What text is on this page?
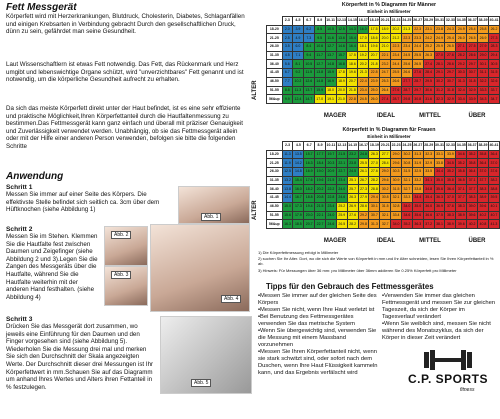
Fett Messgerät
Körperfett wird mit Herzerkrankungen, Blutdruck, Cholesterin, Diabetes, Schlaganfällen und einigen Krebsarten in Verbindung gebracht Durch den gesellschaftlichen Druck, dünn zu sein, gefährdet man seine Gesundheit.
Laut Wissenschaftlern ist etwas Fett notwendig. Das Fett, das Rückenmark und Herz umgibt und lebenswichtige Organe schützt, wird "unverzichtbares" Fett genannt und ist notwendig, um die körperliche Gesundheit aufrecht zu erhalten.
Da sich das meiste Körperfett direkt unter der Haut befindet, ist es eine sehr effiziente und praktische Möglichkeit,Ihren Körperfettanteil durch die Hautfaltenmessung zu bestimmen.Das Fettmessgerät kann ganz einfach und überall mit präziser Genauigkeit und Zuverlässigkeit verwendet werden. Unabhängig, ob sie das Fettmessgerät allein oder mit der Hilfe einer anderen Person verwenden, befolgen sie bitte die folgenden Schritte
Anwendung
Schritt 1
Messen Sie immer auf einer Seite des Körpers. Die effektivste Stelle befindet sich seitlich ca. 3cm über dem Hüftknochen (siehe Abbildung 1)
Abb. 1
Schritt 2
Messen Sie im Stehen. Klemmen Sie die Hautfalte fest zwischen Daumen und Zeigefinger (siehe Abbildung 2 und 3).Legen Sie die Zangen des Messgeräts über die Hautfalte, während Sie die Hautfalte weiterhin mit der anderen Hand festhalten. (siehe Abbildung 4)
Abb. 2
Abb. 3
Abb. 4
Schritt 3
Drücken Sie das Messgerät dort zusammen, wo jeweils eine Einführung für den Daumen und den Finger vorgesehen sind (siehe Abbildung 5). Wiederholen Sie die Messung drei mal und merken Sie sich den Durchschnitt der Skala angezeigten Werte. Der Durchschnitt dieser drei Messungen ist Ihr Körperfettwert in mm.Schauen Sie auf das Diagramm um anhand Ihres Wertes und Alters ihren Fettanteil in % festzulegen.
Abb. 5
Körperfett in % Diagramm für Männer
Einheit in Millimeter
ALTER
	2-3	4-5	6-7	8-9	10-11	12-13	14-15	16-17	18-19	20-21	22-23	24-25	26-27	28-29	30-31	32-33	34-35	36-37	38-39	40-41
18-20	2.0	3.9	6.2	8.5	10.5	12.5	14.3	16.0	17.5	18.9	20.2	21.3	22.3	23.1	23.8	24.3	24.9	25.4	25.8	26.2
21-25	2.5	4.9	7.3	9.5	11.6	13.6	15.4	17.0	18.6	20.0	21.2	22.3	23.3	24.2	24.9	25.4	26.0	26.5	26.9	27.3
26-30	3.5	6.0	8.4	10.6	12.7	14.6	16.4	18.1	19.6	21.0	22.3	23.4	24.4	25.2	25.9	26.5	27.1	27.5	27.9	28.3
31-35	4.5	7.1	9.4	11.7	13.7	15.7	17.5	19.2	20.7	22.1	23.4	24.5	25.5	26.3	27.0	27.6	28.2	28.6	29.0	29.4
36-40	5.6	8.1	10.5	12.7	14.8	16.8	18.6	20.2	21.8	23.2	24.4	25.6	26.5	27.4	28.1	28.6	29.2	29.7	30.1	30.5
41-45	6.7	9.2	11.5	13.8	15.9	17.8	19.6	21.3	22.8	24.7	25.5	26.6	27.6	28.4	29.1	29.7	30.3	30.7	31.1	31.5
46-50	7.7	10.2	12.6	14.8	16.9	18.9	20.7	22.4	23.9	25.3	26.6	27.7	28.7	29.5	30.2	30.7	31.3	31.8	32.2	32.6
51-55	8.8	11.3	13.7	15.9	18.0	20.0	21.8	23.4	25.0	26.4	27.6	28.7	29.7	30.6	31.2	31.8	32.4	32.9	33.3	33.7
56&up	9.9	12.4	14.7	17.0	19.1	21.0	22.8	24.5	26.0	27.4	28.7	29.8	30.8	31.6	32.3	32.9	33.4	33.9	34.3	34.7
MAGER	IDEAL	MITTEL	ÜBER
Körperfett in % Diagramm für Frauen
Einheit in Millimeter
ALTER
	2-3	4-5	6-7	8-9	10-11	12-13	14-15	16-17	18-19	20-21	22-23	24-25	26-27	28-29	30-31	32-33	34-35	36-37	38-39	40-41
18-20	11.3	13.5	15.7	17.7	19.7	21.5	23.2	24.8	26.3	27.7	29.0	30.2	31.3	32.3	33.1	33.9	34.6	35.2	35.8	36.4
21-25	11.9	14.2	16.3	18.4	20.3	22.1	23.8	25.5	27.0	28.4	29.6	30.8	31.9	32.9	33.8	34.5	35.2	35.8	36.4	37.0
26-30	12.5	14.8	16.9	19.0	20.9	22.7	24.5	26.1	27.6	29.0	30.3	31.5	32.5	33.5	34.4	35.2	35.8	36.4	37.0	37.6
31-35	13.2	15.4	17.6	19.6	21.5	23.4	25.1	26.7	28.2	29.6	30.9	32.1	33.2	34.1	35.0	35.8	36.5	37.1	37.7	38.2
36-40	13.8	16.0	18.2	20.2	22.2	24.0	25.7	27.3	28.8	30.2	31.5	32.7	33.8	34.8	35.6	36.4	37.1	37.7	38.3	38.8
41-45	14.4	16.7	18.8	20.8	22.8	24.6	26.3	27.9	29.4	30.8	32.1	33.3	34.4	35.4	36.3	37.0	37.7	38.3	38.9	39.5
46-50	15.0	17.3	19.4	21.5	23.4	25.2	26.9	28.6	30.1	31.5	32.8	34.0	35.0	36.0	36.9	37.6	38.3	39.0	39.6	40.1
51-55	15.6	17.9	20.0	22.1	24.0	25.9	27.6	29.2	30.7	32.1	33.4	34.6	35.6	36.6	37.5	38.3	38.9	39.6	40.2	40.7
56&up	16.3	18.5	20.7	22.7	24.6	26.5	28.2	29.8	31.3	32.7	34.0	35.2	36.3	37.2	38.1	38.9	39.6	40.2	40.8	41.3
MAGER	IDEAL	MITTEL	ÜBER
1) Die Körperfettmessung erfolgt in Millimeter
2) suchen Sie Ihr Alter. Dort, wo die sich die Werte von Körperfett in mm und Ihr Alter schneiden, lesen Sie Ihren Körperfettanteil in % ab.
3) Hinweis: Für Messungen über 36 mm: pro Millimeter über 36mm addieren Sie 0.25% Körperfett pro Millimeter
Tipps für den Gebrauch des Fettmessgerätes
• Messen Sie immer auf der gleichen Seite des Körpers
• Messen Sie nicht, wenn Ihre Haut verletzt ist
• Bei Benutzung des Fettmessgerätes verwenden Sie das metrische System
• Wenn Sie übergewichtig sind, verwenden Sie die Messung mit einem Massband vorzunehmen
• Messen Sie Ihren Körperfettanteil nicht, wenn sie stark schwitzt sind, oder sofort nach dem Duschen, wenn Ihre Haut Flüssigkeit kammeln kann, und das Ergebnis verfälscht wird
• Verwenden Sie immer das gleichen Fettmessgerät und messen Sie zur gleichen Tageszeit, da sich der Körper im Tagesverlauf verändert
• Wenn Sie weiblich sind, messen Sie nicht während des Monatszyklus, da sich der Körper in dieser Zeit verändert
C.P. SPORTS
fitness
